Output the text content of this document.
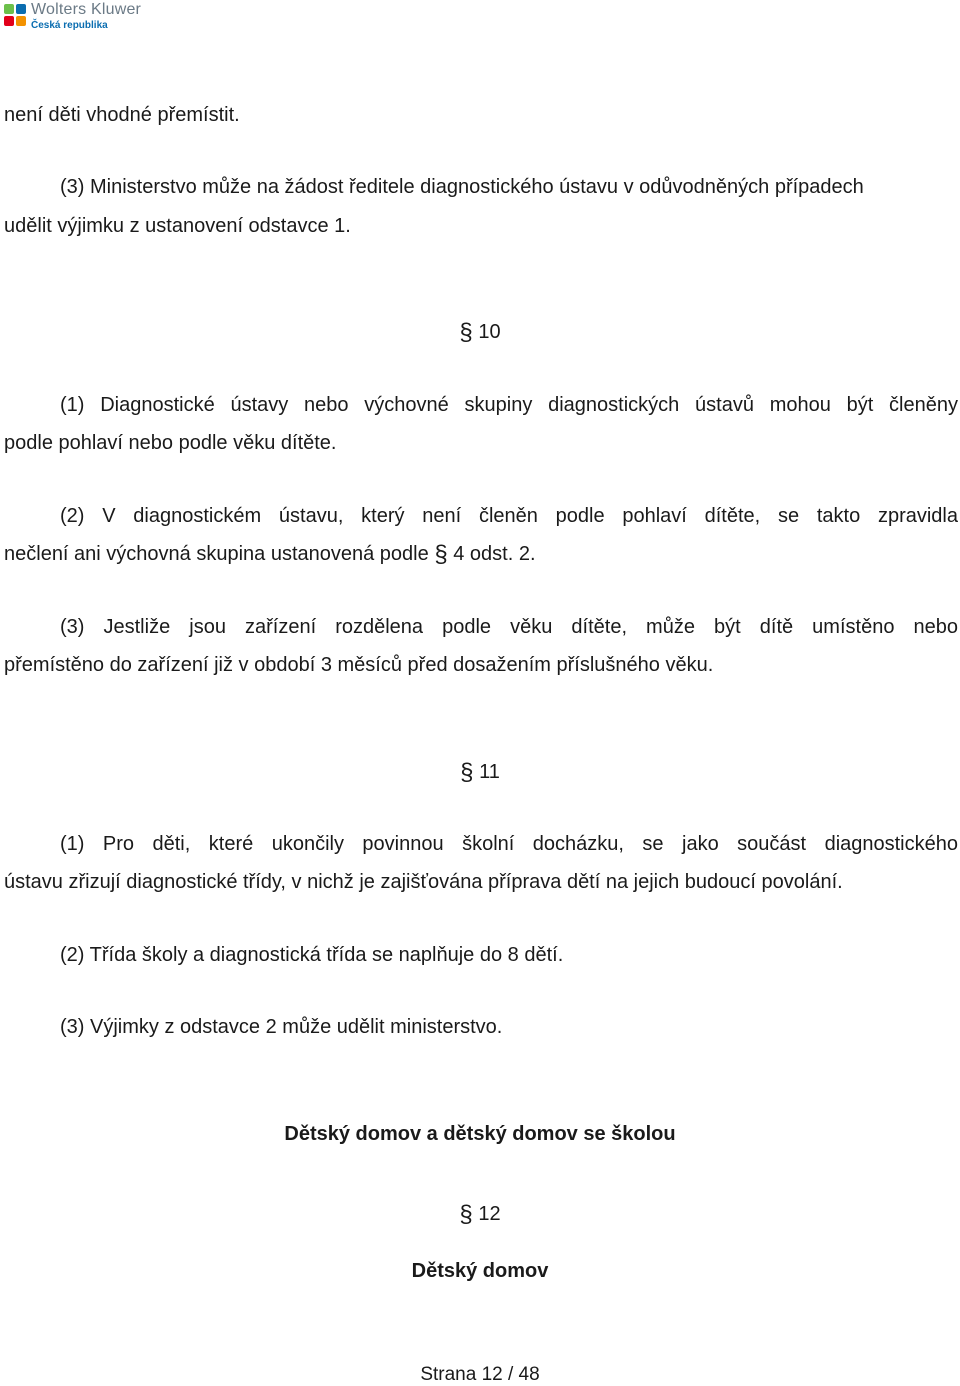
Wolters Kluwer
Česká republika
není děti vhodné přemístit.
(3) Ministerstvo může na žádost ředitele diagnostického ústavu v odůvodněných případech
udělit výjimku z ustanovení odstavce 1.
§ 10
(1) Diagnostické ústavy nebo výchovné skupiny diagnostických ústavů mohou být členěny
podle pohlaví nebo podle věku dítěte.
(2) V diagnostickém ústavu, který není členěn podle pohlaví dítěte, se takto zpravidla
nečlení ani výchovná skupina ustanovená podle § 4 odst. 2.
(3) Jestliže jsou zařízení rozdělena podle věku dítěte, může být dítě umístěno nebo
přemístěno do zařízení již v období 3 měsíců před dosažením příslušného věku.
§ 11
(1) Pro děti, které ukončily povinnou školní docházku, se jako součást diagnostického
ústavu zřizují diagnostické třídy, v nichž je zajišťována příprava dětí na jejich budoucí povolání.
(2) Třída školy a diagnostická třída se naplňuje do 8 dětí.
(3) Výjimky z odstavce 2 může udělit ministerstvo.
Dětský domov a dětský domov se školou
§ 12
Dětský domov
Strana 12 / 48
